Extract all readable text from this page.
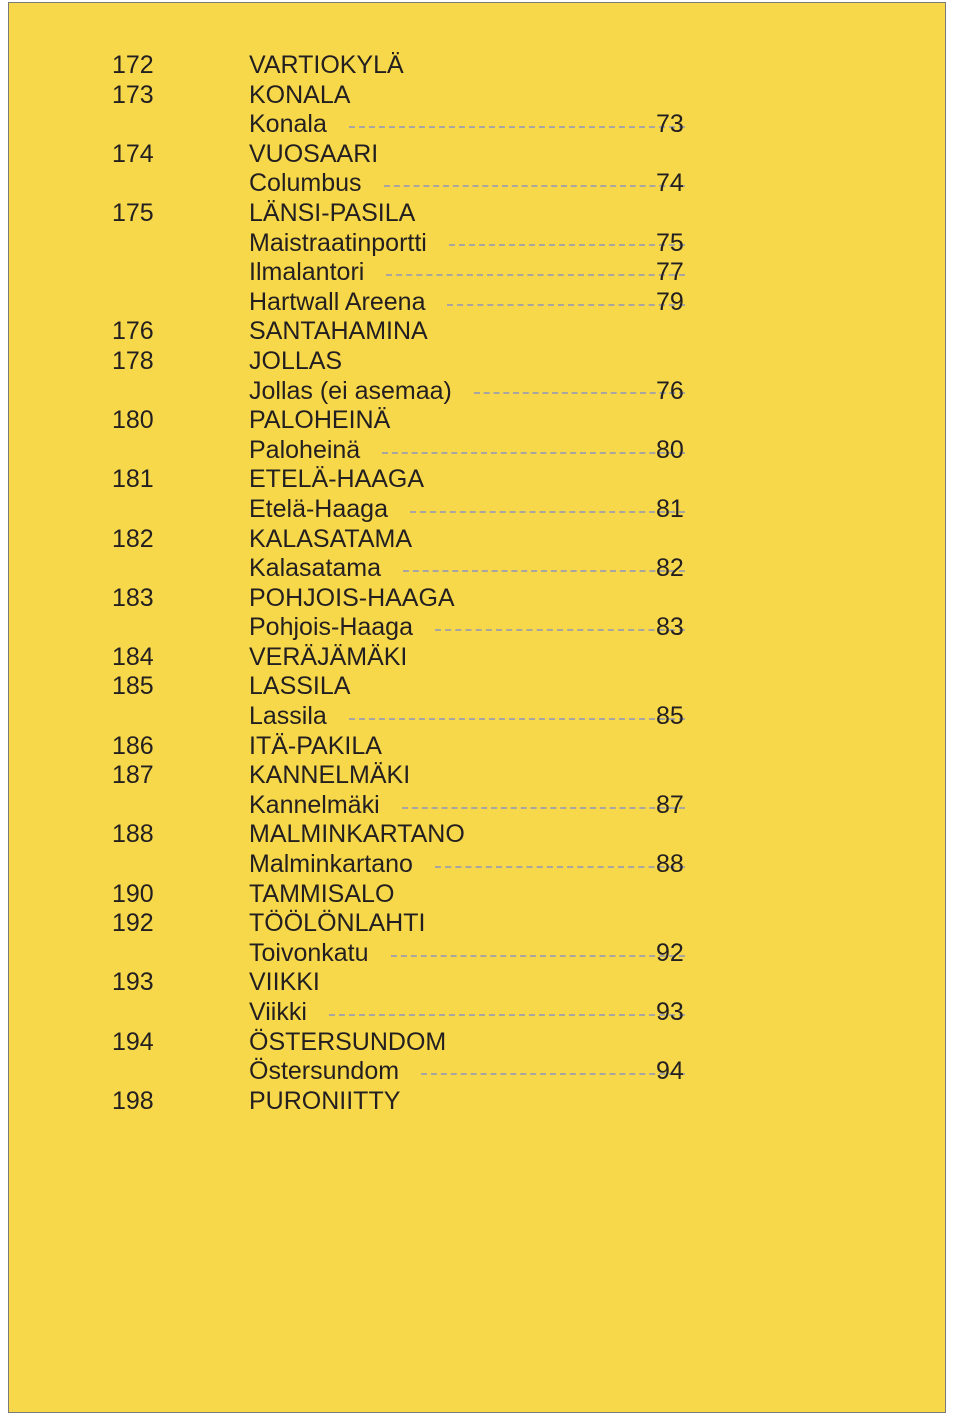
172	VARTIOKYLÄ
173	KONALA
Konala	73
174	VUOSAARI
Columbus	74
175	LÄNSI-PASILA
Maistraatinportti	75
Ilmalantori	77
Hartwall Areena	79
176	SANTAHAMINA
178	JOLLAS
Jollas (ei asemaa)	76
180	PALOHEINÄ
Paloheinä	80
181	ETELÄ-HAAGA
Etelä-Haaga	81
182	KALASATAMA
Kalasatama	82
183	POHJOIS-HAAGA
Pohjois-Haaga	83
184	VERÄJÄMÄKI
185	LASSILA
Lassila	85
186	ITÄ-PAKILA
187	KANNELMÄKI
Kannelmäki	87
188	MALMINKARTANO
Malminkartano	88
190	TAMMISALO
192	TÖÖLÖNLAHTI
Toivonkatu	92
193	VIIKKI
Viikki	93
194	ÖSTERSUNDOM
Östersundom	94
198	PURONIITTY
